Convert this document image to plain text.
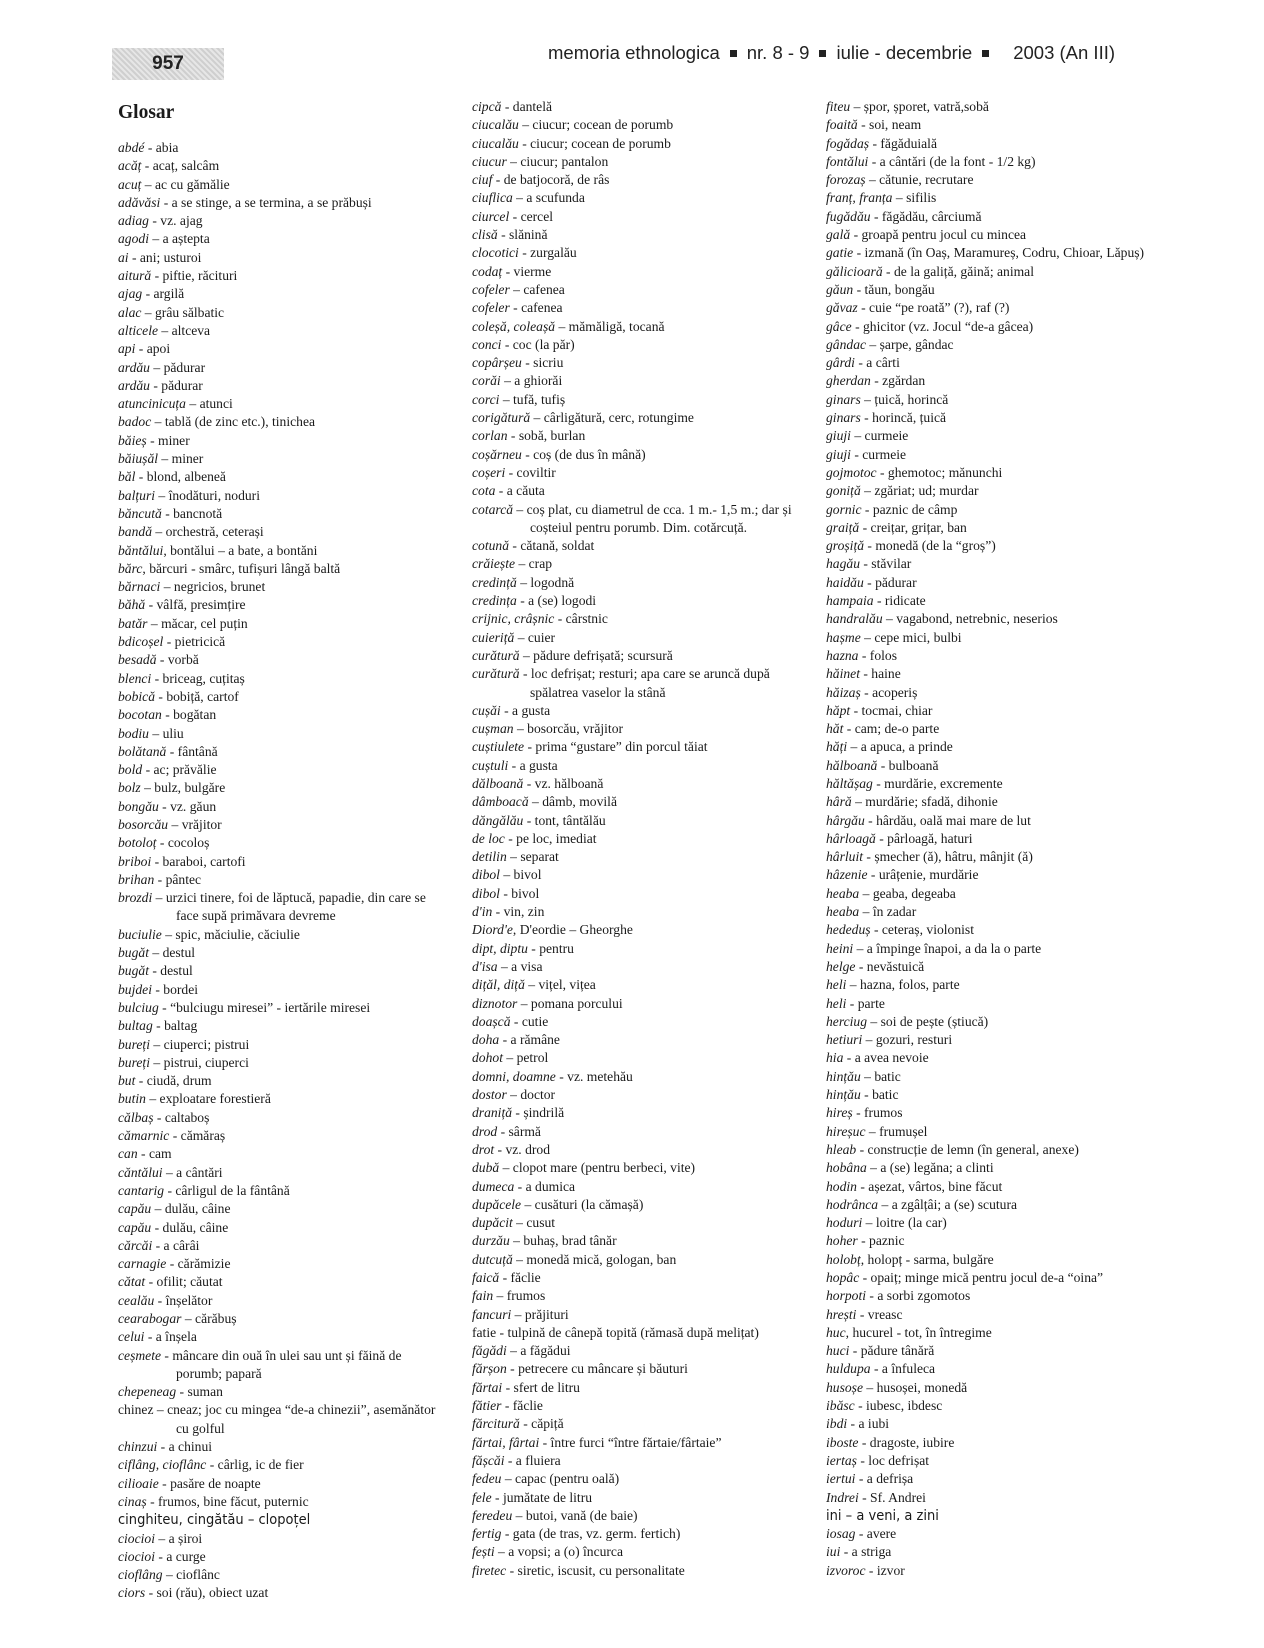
957
memoria ethnologica nr. 8 - 9 iulie - decembrie 2003 (An III)
Glosar

abdé - abia

acăț - acaț, salcâm

acuț – ac cu gămălie

adăvăsi - a se stinge, a se termina, a se prăbuși

adiag - vz. ajag

agodi – a aștepta

ai - ani; usturoi

aitură - piftie, răcituri

ajag - argilă

alac – grâu sălbatic

alticele – altceva

api - apoi

ardău – pădurar

ardău - pădurar

atuncinicuța – atunci

badoc – tablă (de zinc etc.), tinichea

băieș - miner

băiușăl – miner

băl - blond, albeneă

balțuri – înodături, noduri

băncută - bancnotă

bandă – orchestră, ceterași

băntălui, bontălui – a bate, a bontăni

bărc, bărcuri - smârc, tufișuri lângă baltă

bărnaci – negricios, brunet

băhă - vâlfă, presimțire

batăr – măcar, cel puțin

bdicoșel - pietricică

besadă - vorbă

blenci - briceag, cuțitaș

bobică - bobiță, cartof

bocotan - bogătan

bodiu – uliu

bolătană - fântână

bold - ac; prăvălie

bolz – bulz, bulgăre

bongău - vz. găun

bosorcău – vrăjitor

botoloț - cocoloș

briboi - baraboi, cartofi

brihan - pântec

brozdi – urzici tinere, foi de lăptucă, papadie, din care se face supă primăvara devreme

buciulie – spic, măciulie, căciulie

bugăt – destul

bugăt - destul

bujdei - bordei

bulciug - “bulciugu miresei” - iertările miresei

bultag - baltag

bureți – ciuperci; pistrui

bureți – pistrui, ciuperci

but - ciudă, drum

butin – exploatare forestieră

călbaș - caltaboș

cămarnic - cămăraș

can - cam

căntălui – a cântări

cantarig - cârligul de la fântână

capău – dulău, câine

capău - dulău, câine

cărcăi - a cârâi

carnagie - cărămizie

cătat - ofilit; căutat

cealău - înșelător

cearabogar – cărăbuș

celui - a înșela

ceșmete - mâncare din ouă în ulei sau unt și făină de porumb; papară

chepeneag - suman

chinez – cneaz; joc cu mingea “de-a chinezii”, asemănător cu golful

chinzui - a chinui

ciflâng, cioflânc - cârlig, ic de fier

cilioaie - pasăre de noapte

cinaș - frumos, bine făcut, puternic

cinghiteu, cingătău – clopoțel

ciocioi – a șiroi

ciocioi - a curge

cioflâng – cioflânc

ciors - soi (rău), obiect uzat

cipcă - dantelă

ciucalău – ciucur; cocean de porumb

ciucalău - ciucur; cocean de porumb

ciucur – ciucur; pantalon

ciuf - de batjocoră, de râs

ciuflica – a scufunda

ciurcel - cercel

clisă - slănină

clocotici - zurgalău

codaț - vierme

cofeler – cafenea

cofeler - cafenea

coleșă, coleașă – mămăligă, tocană

conci - coc (la păr)

copârșeu - sicriu

corăi – a ghiorăi

corci – tufă, tufiș

corigătură – cârligătură, cerc, rotungime

corlan - sobă, burlan

coșărneu - coș (de dus în mână)

coșeri - coviltir

cota - a căuta

cotarcă – coș plat, cu diametrul de cca. 1 m.- 1,5 m.; dar și coșteiul pentru porumb. Dim. cotărcuță.

cotună - cătană, soldat

crăiește – crap

credință – logodnă

credința - a (se) logodi

crijnic, crâșnic - cârstnic

cuieriță – cuier

curătură – pădure defrișată; scursură

curătură - loc defrișat; resturi; apa care se aruncă după spălatrea vaselor la stână

cușăi - a gusta

cușman – bosorcău, vrăjitor

cuștiulete - prima “gustare” din porcul tăiat

cuștuli - a gusta

dălboană - vz. hălboană

dâmboacă – dâmb, movilă

dăngălău - tont, tântălău

de loc - pe loc, imediat

detilin – separat

dibol – bivol

dibol - bivol

d'in - vin, zin

Diord'e, D'eordie – Gheorghe

dipt, diptu - pentru

d'isa – a visa

dițăl, diță – vițel, vițea

diznotor – pomana porcului

doașcă - cutie

doha - a rămâne

dohot – petrol

domni, doamne - vz. metehău

dostor – doctor

draniță - șindrilă

drod - sârmă

drot - vz. drod

dubă – clopot mare (pentru berbeci, vite)

dumeca - a dumica

dupăcele – cusături (la cămașă)

dupăcit – cusut

durzău – buhaș, brad tânăr

dutcuță – monedă mică, gologan, ban

faică - făclie

fain – frumos

fancuri – prăjituri

fatie - tulpină de cânepă topită (rămasă după melițat)

făgădi – a făgădui

fărșon - petrecere cu mâncare și băuturi

fărtai - sfert de litru

fătier - făclie

fărcitură - căpiță

fărtai, fârtai - între furci “între fărtaie/fârtaie”

fășcăi - a fluiera

fedeu – capac (pentru oală)

fele - jumătate de litru

feredeu – butoi, vană (de baie)

fertig - gata (de tras, vz. germ. fertich)

fești – a vopsi; a (o) încurca

firetec - siretic, iscusit, cu personalitate

fiteu – șpor, șporet, vatră,sobă

foaită - soi, neam

fogădaș - făgăduială

fontălui - a cântări (de la font - 1/2 kg)

forozaș – cătunie, recrutare

franț, franța – sifilis

fugădău - făgădău, cârciumă

gală - groapă pentru jocul cu mincea

gatie - izmană (în Oaș, Maramureș, Codru, Chioar, Lăpuș)

gălicioară - de la galiță, găină; animal

găun - tăun, bongău

găvaz - cuie “pe roată” (?), raf (?)

gâce - ghicitor (vz. Jocul “de-a gâcea)

gândac – șarpe, gândac

gârdi - a cârti

gherdan - zgărdan

ginars – țuică, horincă

ginars - horincă, țuică

giuji – curmeie

giuji - curmeie

gojmotoc - ghemotoc; mănunchi

goniță – zgăriat; ud; murdar

gornic - paznic de câmp

graiță - creițar, grițar, ban

groșiță - monedă (de la “groș”)

hagău - stăvilar

haidău - pădurar

hampaia - ridicate

handralău – vagabond, netrebnic, neserios

hașme – cepe mici, bulbi

hazna - folos

hăinet - haine

hăizaș - acoperiș

hăpt - tocmai, chiar

hăt - cam; de-o parte

hăți – a apuca, a prinde

hălboană - bulboană

hăltășag - murdărie, excremente

hâră – murdărie; sfadă, dihonie

hârgău - hârdău, oală mai mare de lut

hârloagă - pârloagă, haturi

hârluit - șmecher (ă), hâtru, mânjit (ă)

hâzenie - urâțenie, murdărie

heaba – geaba, degeaba

heaba – în zadar

hededuș - ceteraș, violonist

heini – a împinge înapoi, a da la o parte

helge - nevăstuică

heli – hazna, folos, parte

heli - parte

herciug – soi de pește (știucă)

hetiuri – gozuri, resturi

hia - a avea nevoie

hințău – batic

hințău - batic

hireș - frumos

hireșuc – frumușel

hleab - construcție de lemn (în general, anexe)

hobâna – a (se) legăna; a clinti

hodin - așezat, vârtos, bine făcut

hodrânca – a zgâlțâi; a (se) scutura

hoduri – loitre (la car)

hoher - paznic

holobț, holopț - sarma, bulgăre

hopâc - opaiț; minge mică pentru jocul de-a “oina”

horpoti - a sorbi zgomotos

hrești - vreasc

huc, hucurel - tot, în întregime

huci - pădure tânără

huldupa - a înfuleca

husoșe – husoșei, monedă

ibăsc - iubesc, ibdesc

ibdi - a iubi

iboste - dragoste, iubire

iertaș - loc defrișat

iertui - a defrișa

Indrei - Sf. Andrei

ini – a veni, a zini

iosag - avere

iui - a striga

izvoroc - izvor
